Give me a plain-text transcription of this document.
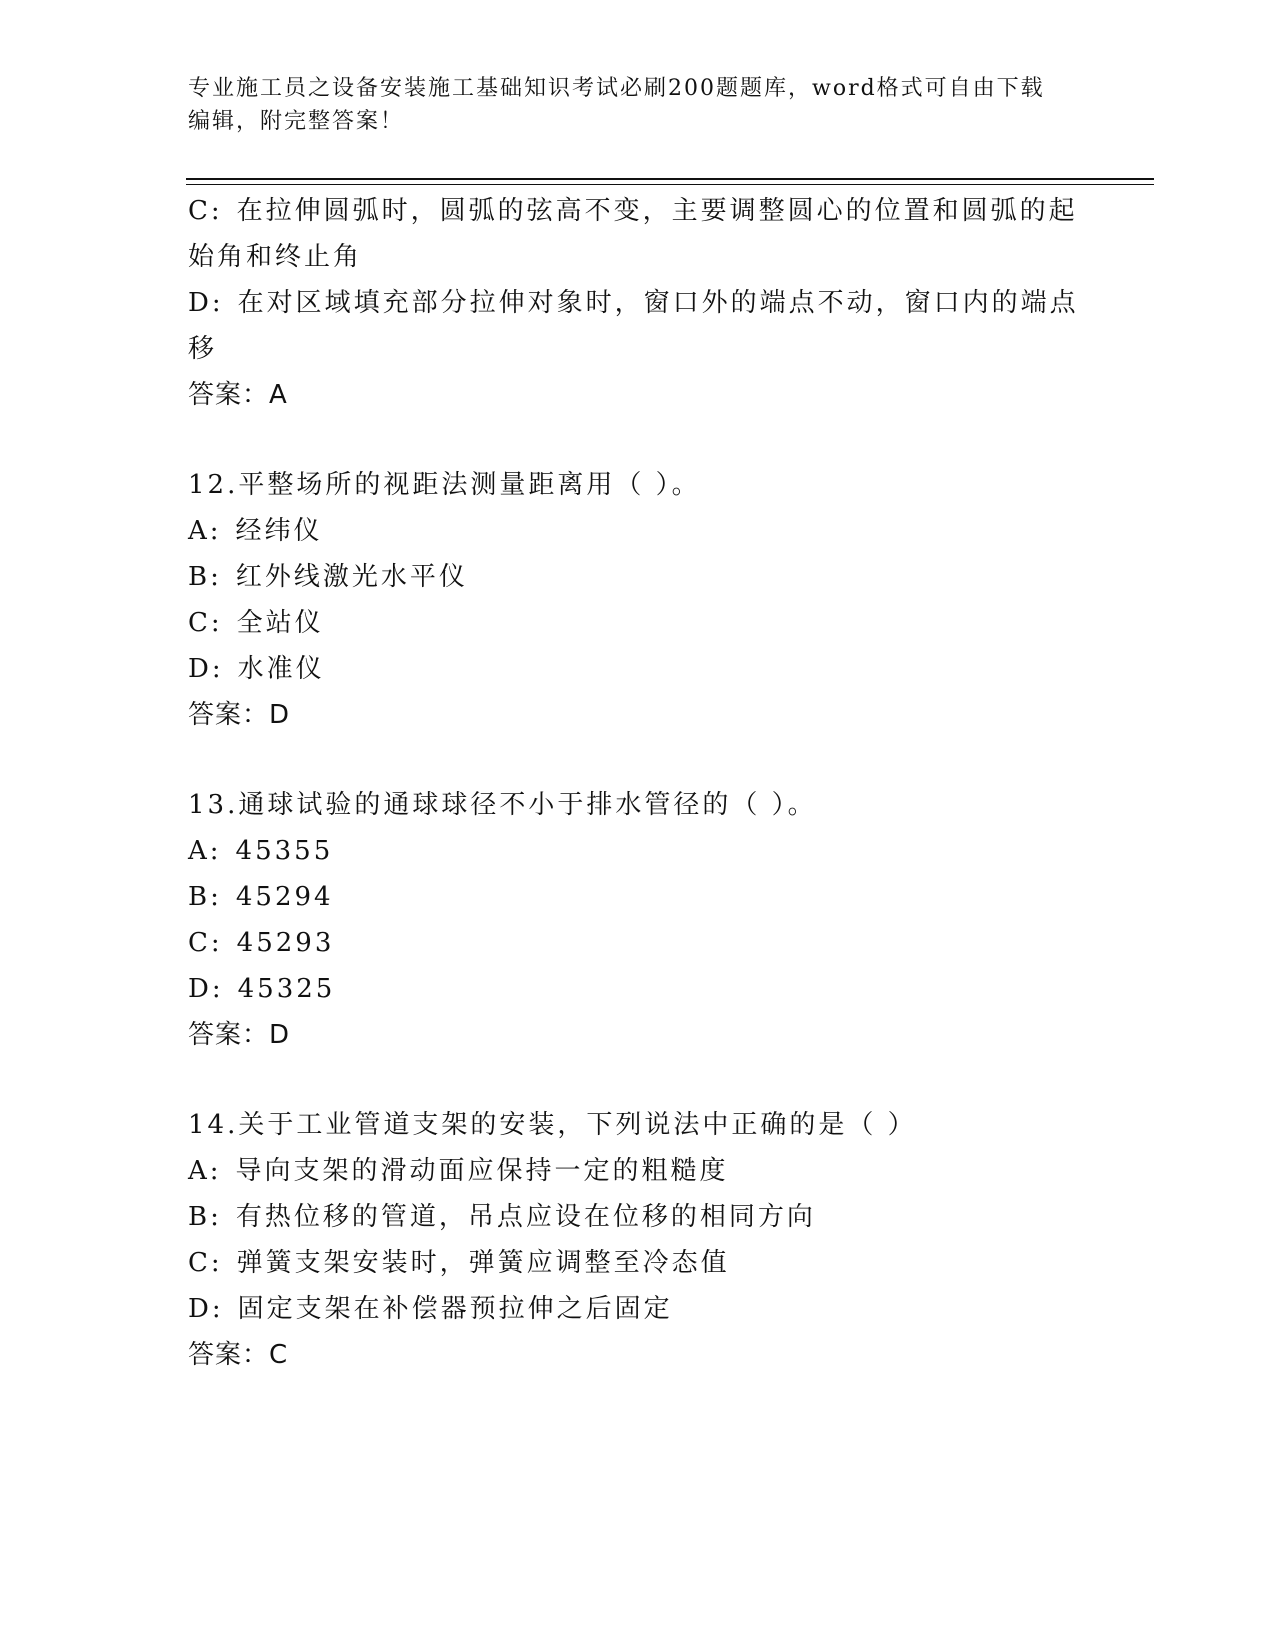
专业施工员之设备安装施工基础知识考试必刷200题题库，word格式可自由下载
编辑，附完整答案！
C: 在拉伸圆弧时，圆弧的弦高不变，主要调整圆心的位置和圆弧的起
始角和终止角
D: 在对区域填充部分拉伸对象时，窗口外的端点不动，窗口内的端点
移
答案：A
12.平整场所的视距法测量距离用（ ）。
A: 经纬仪
B: 红外线激光水平仪
C: 全站仪
D: 水准仪
答案：D
13.通球试验的通球球径不小于排水管径的（ ）。
A: 45355
B: 45294
C: 45293
D: 45325
答案：D
14.关于工业管道支架的安装，下列说法中正确的是（ ）
A: 导向支架的滑动面应保持一定的粗糙度
B: 有热位移的管道，吊点应设在位移的相同方向
C: 弹簧支架安装时，弹簧应调整至冷态值
D: 固定支架在补偿器预拉伸之后固定
答案：C
